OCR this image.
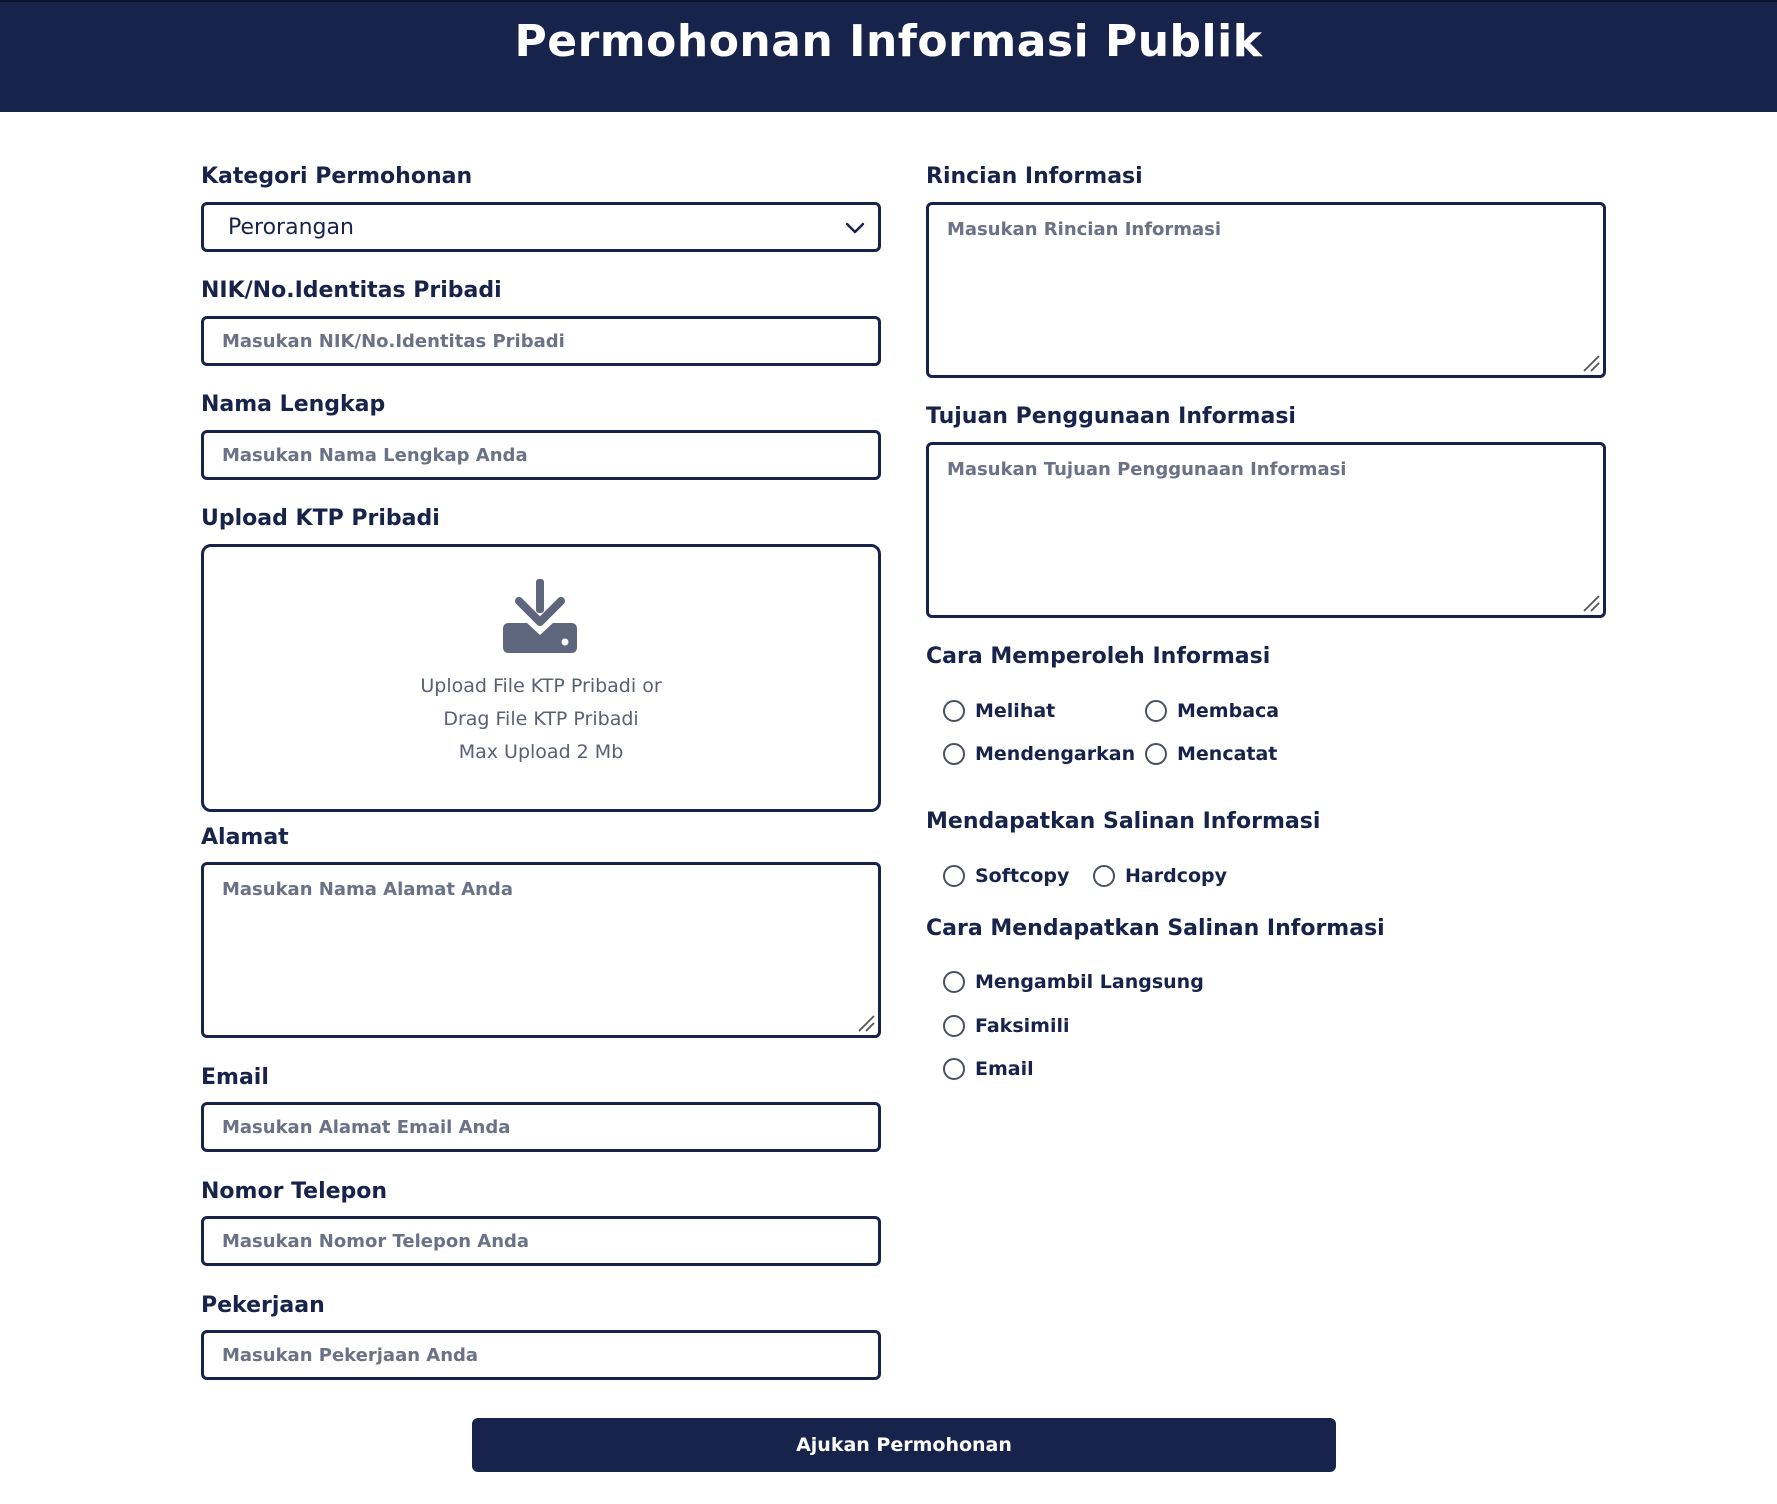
Permohonan Informasi Publik
Kategori Permohonan
Perorangan
NIK/No.Identitas Pribadi
Masukan NIK/No.Identitas Pribadi
Nama Lengkap
Masukan Nama Lengkap Anda
Upload KTP Pribadi
Upload File KTP Pribadi or
Drag File KTP Pribadi
Max Upload 2 Mb
Alamat
Masukan Nama Alamat Anda
Email
Masukan Alamat Email Anda
Nomor Telepon
Masukan Nomor Telepon Anda
Pekerjaan
Masukan Pekerjaan Anda
Rincian Informasi
Masukan Rincian Informasi
Tujuan Penggunaan Informasi
Masukan Tujuan Penggunaan Informasi
Cara Memperoleh Informasi
Melihat	Membaca
Mendengarkan Mencatat
Mendapatkan Salinan Informasi
Softcopy	Hardcopy
Cara Mendapatkan Salinan Informasi
Mengambil Langsung
Faksimili
Email
Ajukan Permohonan
